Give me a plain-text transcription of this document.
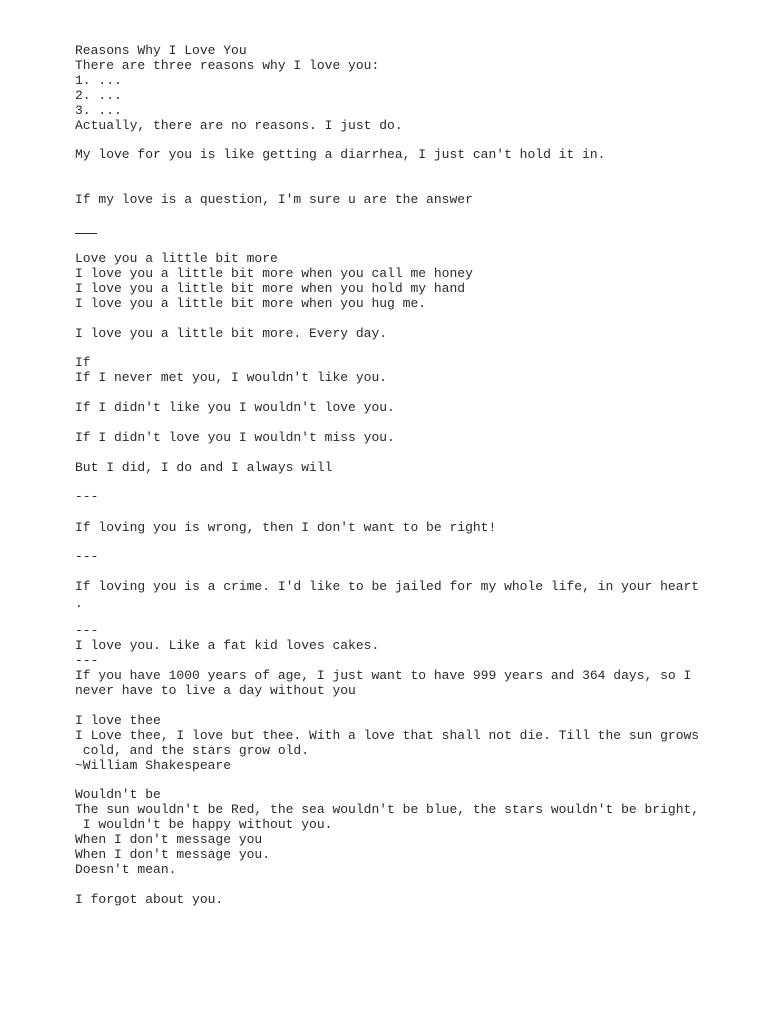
Reasons Why I Love You
There are three reasons why I love you:
1. ...
2. ...
3. ...
Actually, there are no reasons. I just do.
My love for you is like getting a diarrhea, I just can't hold it in.
If my love is a question, I'm sure u are the answer
Love you a little bit more
I love you a little bit more when you call me honey
I love you a little bit more when you hold my hand
I love you a little bit more when you hug me.
I love you a little bit more. Every day.
If
If I never met you, I wouldn't like you.
If I didn't like you I wouldn't love you.
If I didn't love you I wouldn't miss you.
But I did, I do and I always will
---
If loving you is wrong, then I don't want to be right!
---
If loving you is a crime. I'd like to be jailed for my whole life, in your heart
.
---
I love you. Like a fat kid loves cakes.
---
If you have 1000 years of age, I just want to have 999 years and 364 days, so I
never have to live a day without you
I love thee
I Love thee, I love but thee. With a love that shall not die. Till the sun grows
cold, and the stars grow old.
~William Shakespeare
Wouldn't be
The sun wouldn't be Red, the sea wouldn't be blue, the stars wouldn't be bright,
I wouldn't be happy without you.
When I don't message you
When I don't message you.
Doesn't mean.
I forgot about you.
